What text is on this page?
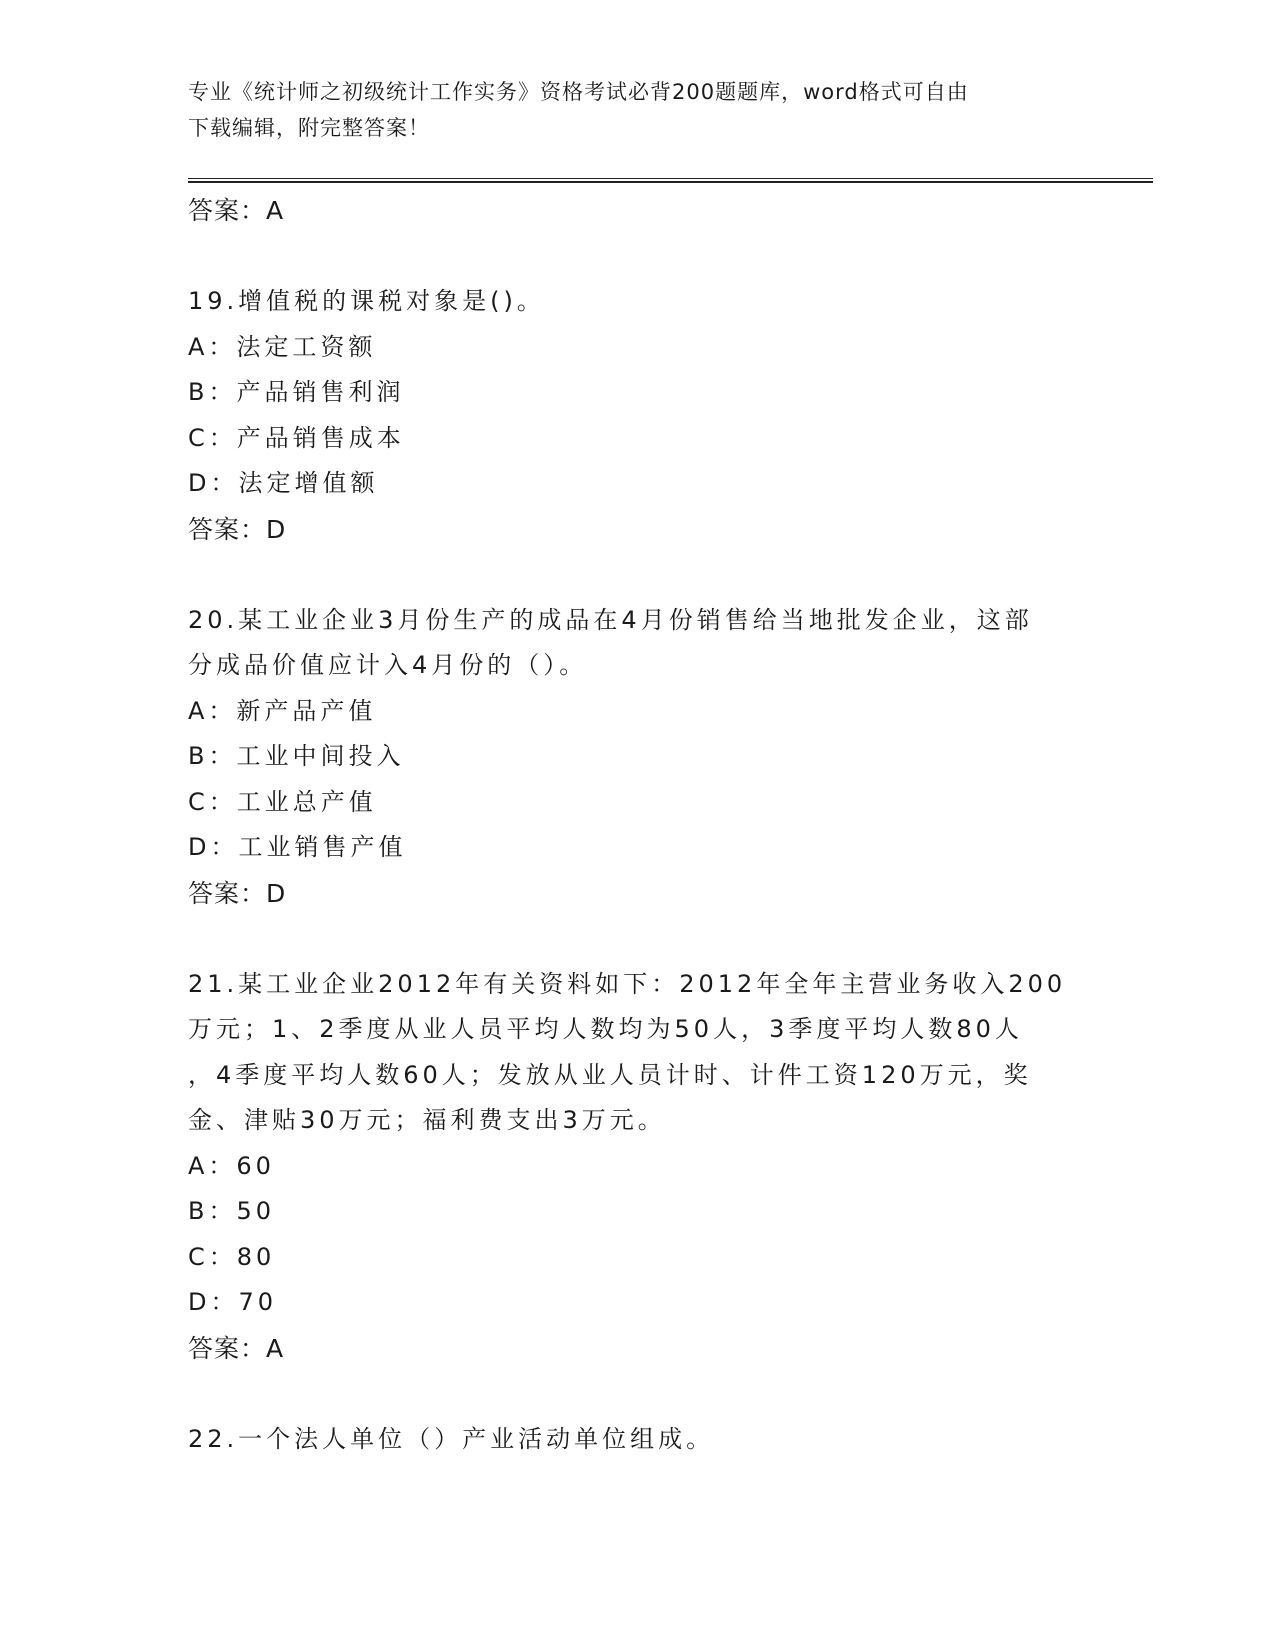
专业《统计师之初级统计工作实务》资格考试必背200题题库，word格式可自由
下载编辑，附完整答案！
答案：A
19.增值税的课税对象是()。
A：法定工资额
B：产品销售利润
C：产品销售成本
D：法定增值额
答案：D
20.某工业企业3月份生产的成品在4月份销售给当地批发企业，这部
分成品价值应计入4月份的（）。
A：新产品产值
B：工业中间投入
C：工业总产值
D：工业销售产值
答案：D
21.某工业企业2012年有关资料如下：2012年全年主营业务收入200
万元；1、2季度从业人员平均人数均为50人，3季度平均人数80人
，4季度平均人数60人；发放从业人员计时、计件工资120万元，奖
金、津贴30万元；福利费支出3万元。
A：60
B：50
C：80
D：70
答案：A
22.一个法人单位（）产业活动单位组成。
